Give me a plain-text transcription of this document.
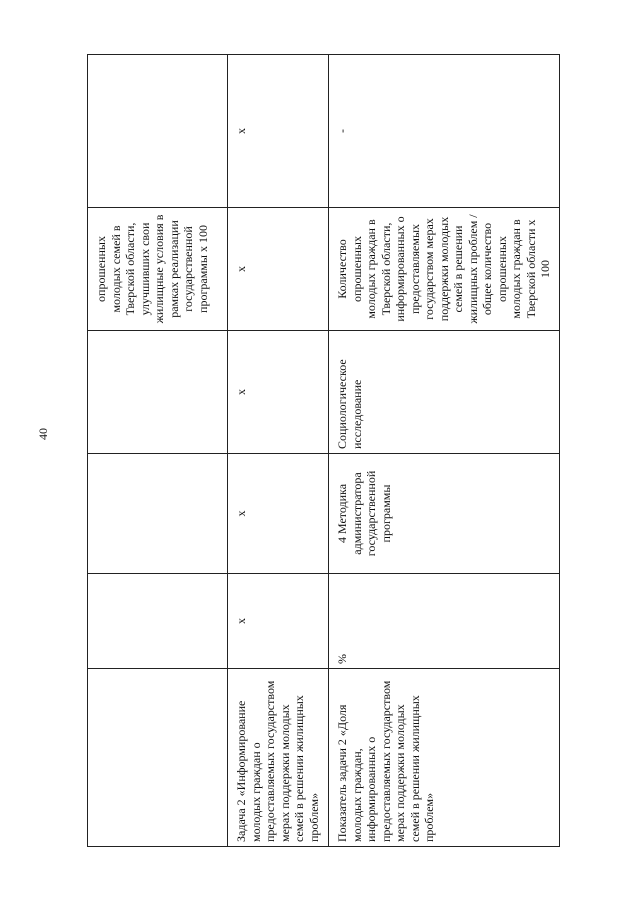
40
				опрошенных молодых семей в Тверской области, улучшивших свои жилищные условия в рамках реализации государственной программы х 100	
Задача 2 «Информирование молодых граждан о предоставляемых государством мерах поддержки молодых семей в решении жилищных проблем»	х	х	х	х	х
Показатель задачи 2 «Доля молодых граждан, информированных о предоставляемых государством мерах поддержки молодых семей в решении жилищных проблем»	%	4 Методика администратора государственной программы	Социологическое исследование	Количество опрошенных молодых граждан в Тверской области, информированных о предоставляемых государством мерах поддержки молодых семей в решении жилищных проблем / общее количество опрошенных молодых граждан в Тверской области х 100	-
